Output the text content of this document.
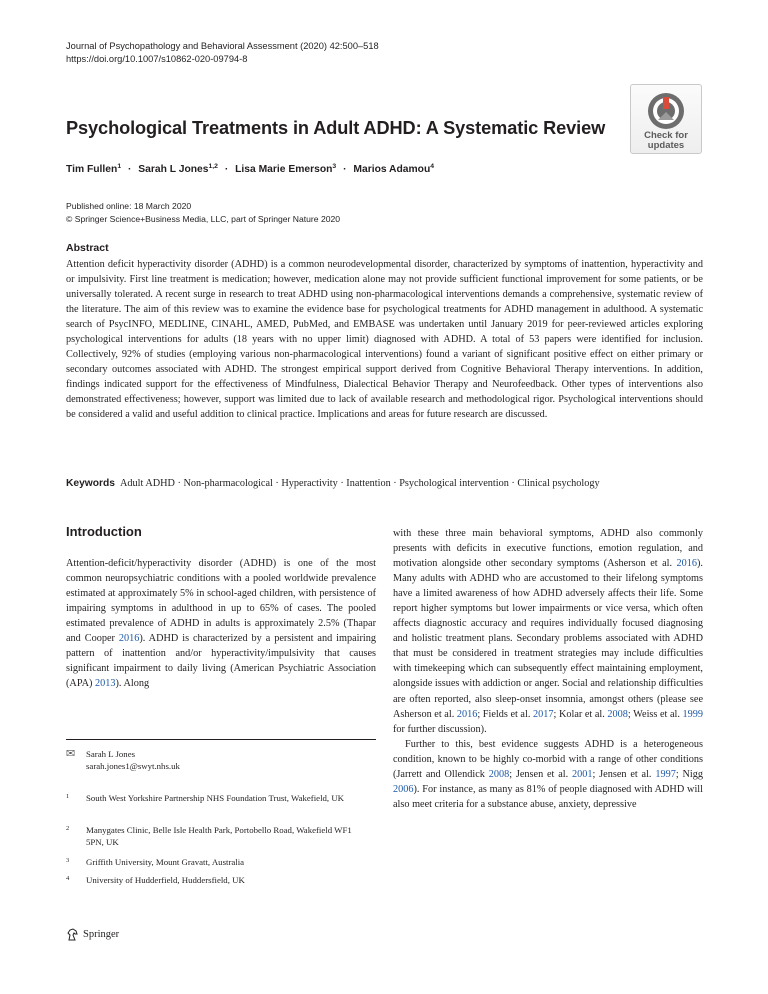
Journal of Psychopathology and Behavioral Assessment (2020) 42:500–518
https://doi.org/10.1007/s10862-020-09794-8
Psychological Treatments in Adult ADHD: A Systematic Review	Check for
updates
Tim Fullen$^1$ · Sarah L Jones$^{1,2}$ · Lisa Marie Emerson$^3$ · Marios Adamou$^4$
Published online: 18 March 2020
© Springer Science+Business Media, LLC, part of Springer Nature 2020
Abstract
Attention deficit hyperactivity disorder (ADHD) is a common neurodevelopmental disorder, characterized by symptoms of inattention, hyperactivity and or impulsivity. First line treatment is medication; however, medication alone may not provide sufficient functional improvement for some patients, or be universally tolerated. A recent surge in research to treat ADHD using non-pharmacological interventions demands a comprehensive, systematic review of the literature. The aim of this review was to examine the evidence base for psychological treatments for ADHD management in adulthood. A systematic search of PsycINFO, MEDLINE, CINAHL, AMED, PubMed, and EMBASE was undertaken until January 2019 for peer-reviewed articles exploring psychological interventions for adults (18 years with no upper limit) diagnosed with ADHD. A total of 53 papers were identified for inclusion. Collectively, 92% of studies (employing various non-pharmacological interventions) found a variant of significant positive effect on either primary or secondary outcomes associated with ADHD. The strongest empirical support derived from Cognitive Behavioral Therapy interventions. In addition, findings indicated support for the effectiveness of Mindfulness, Dialectical Behavior Therapy and Neurofeedback. Other types of interventions also demonstrated effectiveness; however, support was limited due to lack of available research and methodological rigor. Psychological interventions should be considered a valid and useful addition to clinical practice. Implications and areas for future research are discussed.
Keywords Adult ADHD · Non-pharmacological · Hyperactivity · Inattention · Psychological intervention · Clinical psychology
Introduction

Attention-deficit/hyperactivity disorder (ADHD) is one of the most common neuropsychiatric conditions with a pooled worldwide prevalence estimated at approximately 5% in school-aged children, with persistence of impairing symptoms in adulthood in up to 65% of cases. The pooled estimated prevalence of ADHD in adults is approximately 2.5% (Thapar and Cooper 2016). ADHD is characterized by a persistent and impairing pattern of inattention and/or hyperactivity/impulsivity that causes significant impairment to daily living (American Psychiatric Association (APA) 2013). Along

with these three main behavioral symptoms, ADHD also commonly presents with deficits in executive functions, emotion regulation, and motivation alongside other secondary symptoms (Asherson et al. 2016). Many adults with ADHD who are accustomed to their lifelong symptoms have a limited awareness of how ADHD adversely affects their life. Some report higher symptoms but lower impairments or vice versa, which often affects diagnostic accuracy and requires individually focused diagnosing and holistic treatment plans. Secondary problems associated with ADHD that must be considered in treatment strategies may include difficulties with timekeeping which can subsequently effect maintaining employment, alongside issues with addiction or anger. Social and relationship difficulties are often reported, also sleep-onset insomnia, amongst others (please see Asherson et al. 2016; Fields et al. 2017; Kolar et al. 2008; Weiss et al. 1999 for further discussion).

Further to this, best evidence suggests ADHD is a heterogeneous condition, known to be highly co-morbid with a range of other conditions (Jarrett and Ollendick 2008; Jensen et al. 2001; Jensen et al. 1997; Nigg 2006). For instance, as many as 81% of people diagnosed with ADHD will also meet criteria for a substance abuse, anxiety, depressive

✉ Sarah L Jones
sarah.jones1@swyt.nhs.uk
1 South West Yorkshire Partnership NHS Foundation Trust, Wakefield, UK
2 Manygates Clinic, Belle Isle Health Park, Portobello Road, Wakefield WF1 5PN, UK
3 Griffith University, Mount Gravatt, Australia
4 University of Hudderfield, Huddersfield, UK
Springer
